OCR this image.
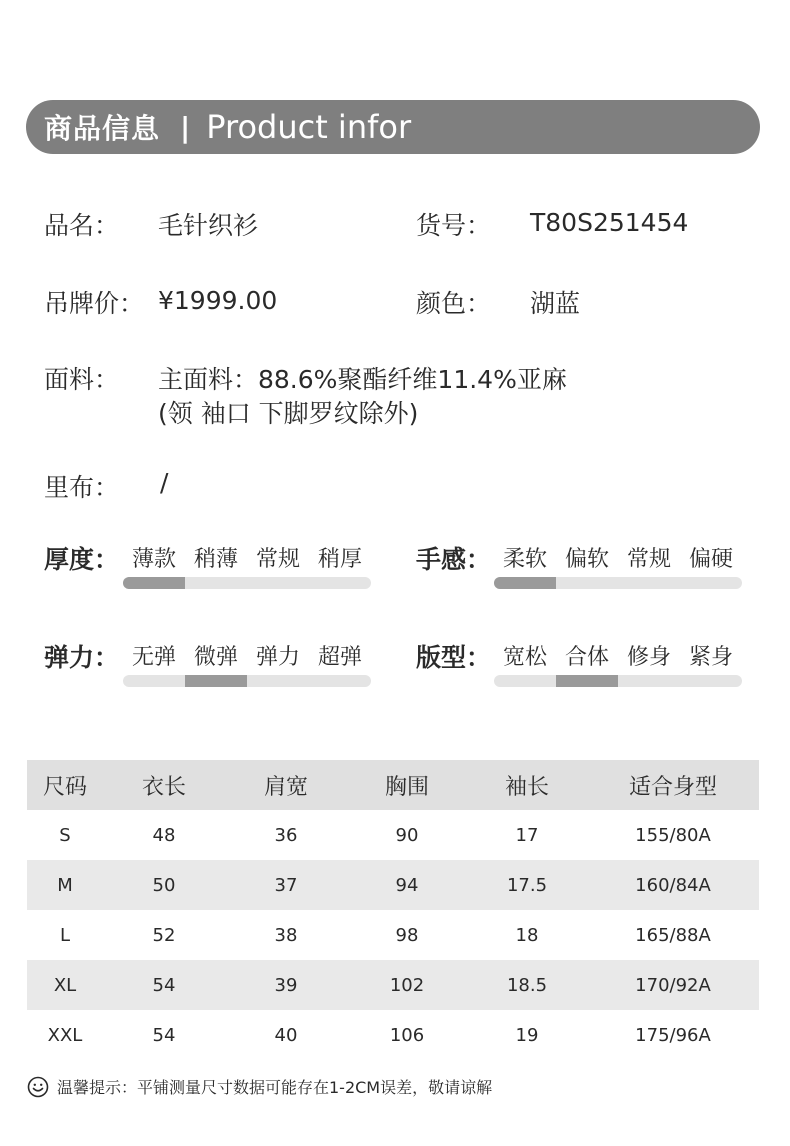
商品信息 | Product infor
品名： 毛针织衫	货号： T80S251454
吊牌价： ¥1999.00	颜色： 湖蓝
面料： 主面料：88.6%聚酯纤维11.4%亚麻
(领 袖口 下脚罗纹除外)
里布： /
厚度： 薄款 稍薄 常规 稍厚	手感： 柔软 偏软 常规 偏硬
弹力： 无弹 微弹 弹力 超弹	版型： 宽松 合体 修身 紧身
尺码	衣长	肩宽	胸围	袖长	适合身型
S	48	36	90	17	155/80A
M	50	37	94	17.5	160/84A
L	52	38	98	18	165/88A
XL	54	39	102	18.5	170/92A
XXL	54	40	106	19	175/96A
温馨提示：平铺测量尺寸数据可能存在1-2CM误差，敬请谅解
